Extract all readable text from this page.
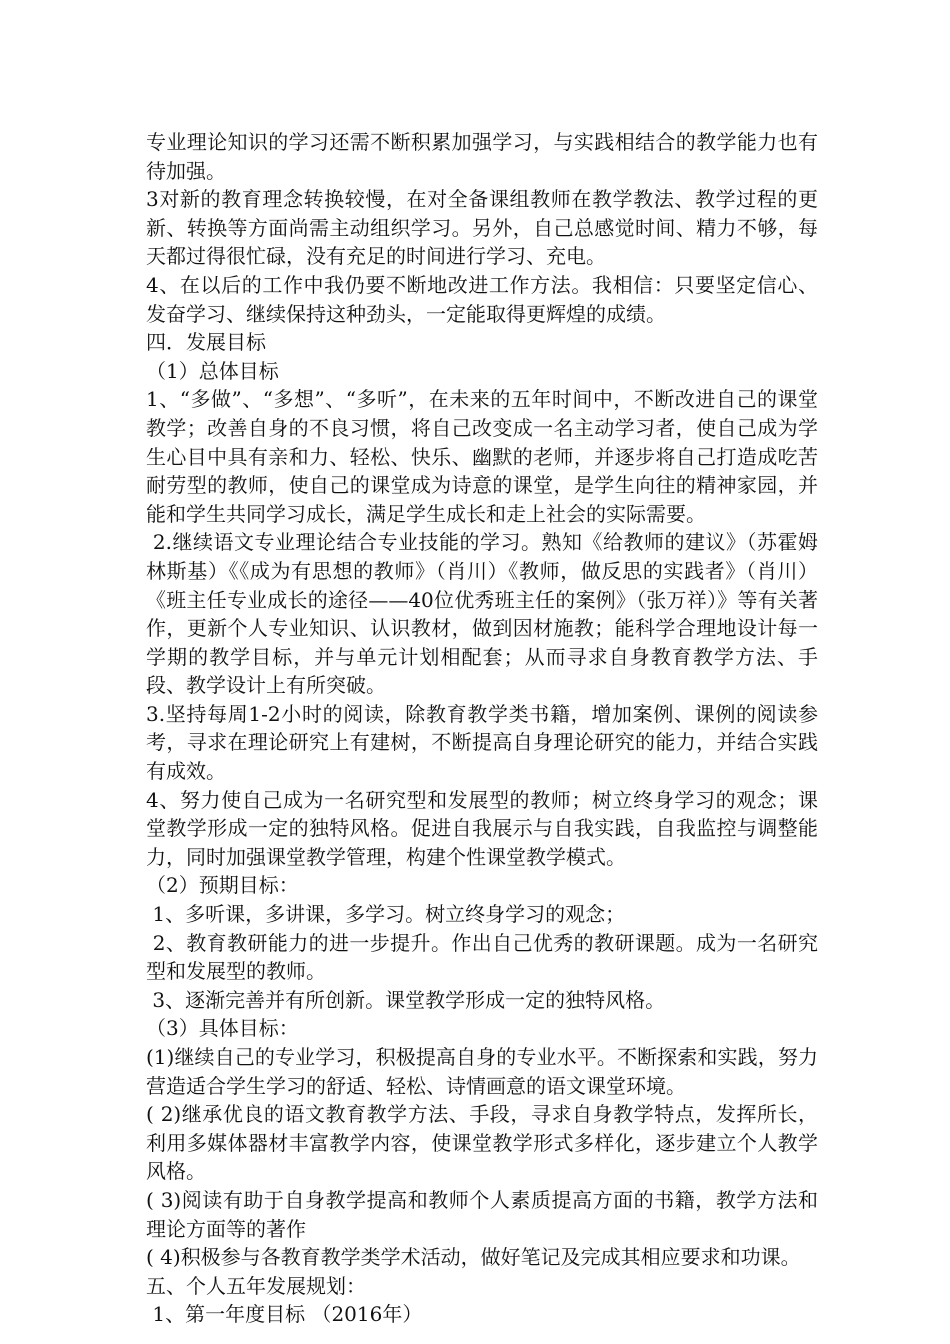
专业理论知识的学习还需不断积累加强学习，与实践相结合的教学能力也有待加强。

3对新的教育理念转换较慢，在对全备课组教师在教学教法、教学过程的更新、转换等方面尚需主动组织学习。另外，自己总感觉时间、精力不够，每天都过得很忙碌，没有充足的时间进行学习、充电。

4、在以后的工作中我仍要不断地改进工作方法。我相信：只要坚定信心、发奋学习、继续保持这种劲头，一定能取得更辉煌的成绩。

四．发展目标

（1）总体目标

1、“多做”、“多想”、“多听”，在未来的五年时间中，不断改进自己的课堂教学；改善自身的不良习惯，将自己改变成一名主动学习者，使自己成为学生心目中具有亲和力、轻松、快乐、幽默的老师，并逐步将自己打造成吃苦耐劳型的教师，使自己的课堂成为诗意的课堂，是学生向往的精神家园，并能和学生共同学习成长，满足学生成长和走上社会的实际需要。

2.继续语文专业理论结合专业技能的学习。熟知《给教师的建议》（苏霍姆林斯基）《《成为有思想的教师》（肖川）《教师，做反思的实践者》（肖川）《班主任专业成长的途径——40位优秀班主任的案例》（张万祥）》等有关著作，更新个人专业知识、认识教材，做到因材施教；能科学合理地设计每一学期的教学目标，并与单元计划相配套；从而寻求自身教育教学方法、手段、教学设计上有所突破。

3.坚持每周1-2小时的阅读，除教育教学类书籍，增加案例、课例的阅读参考，寻求在理论研究上有建树，不断提高自身理论研究的能力，并结合实践有成效。

4、努力使自己成为一名研究型和发展型的教师；树立终身学习的观念；课堂教学形成一定的独特风格。促进自我展示与自我实践，自我监控与调整能力，同时加强课堂教学管理，构建个性课堂教学模式。

（2）预期目标：

1、多听课，多讲课，多学习。树立终身学习的观念；

2、教育教研能力的进一步提升。作出自己优秀的教研课题。成为一名研究型和发展型的教师。

3、逐渐完善并有所创新。课堂教学形成一定的独特风格。

（3）具体目标：

(1)继续自己的专业学习，积极提高自身的专业水平。不断探索和实践，努力营造适合学生学习的舒适、轻松、诗情画意的语文课堂环境。

( 2)继承优良的语文教育教学方法、手段，寻求自身教学特点，发挥所长，利用多媒体器材丰富教学内容，使课堂教学形式多样化，逐步建立个人教学风格。

( 3)阅读有助于自身教学提高和教师个人素质提高方面的书籍，教学方法和理论方面等的著作

( 4)积极参与各教育教学类学术活动，做好笔记及完成其相应要求和功课。

五、个人五年发展规划：

1、第一年度目标 （2016年）
